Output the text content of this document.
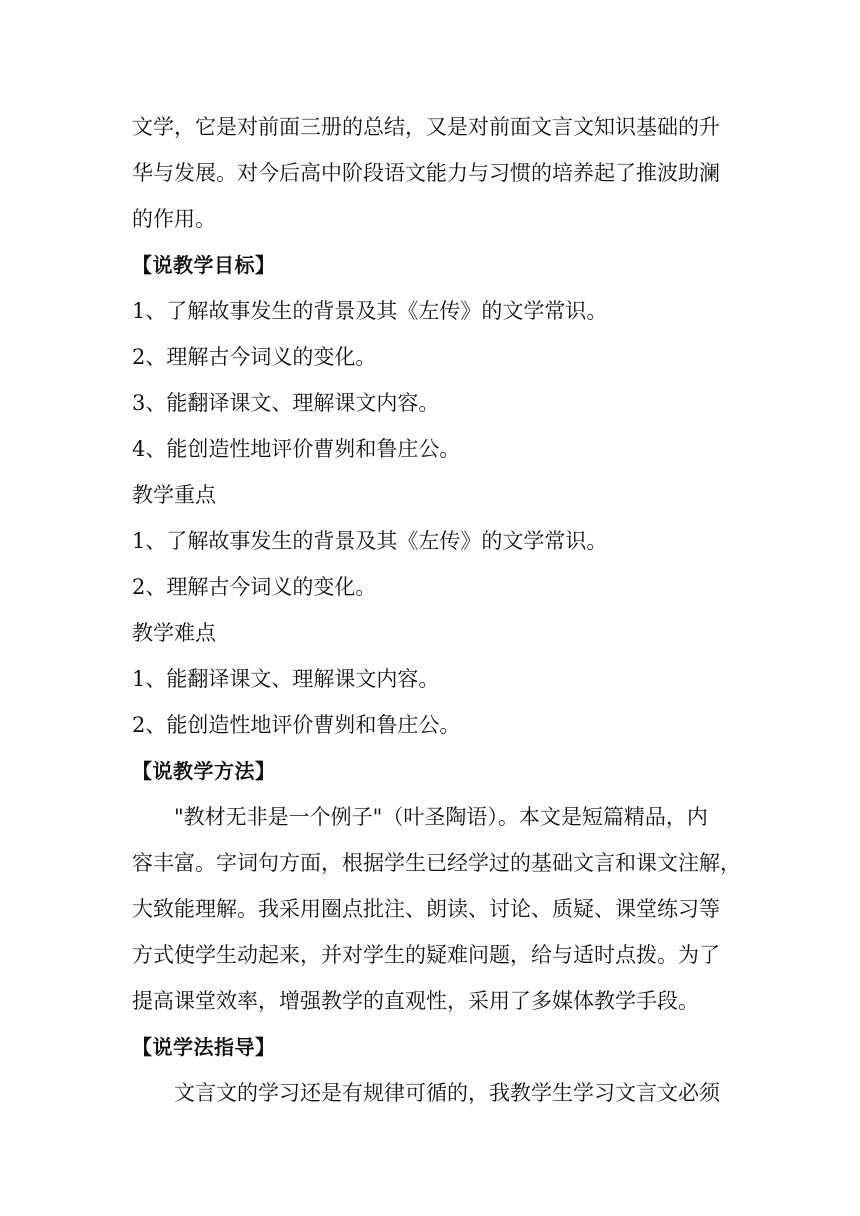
文学，它是对前面三册的总结，又是对前面文言文知识基础的升

华与发展。对今后高中阶段语文能力与习惯的培养起了推波助澜

的作用。

【说教学目标】

1、了解故事发生的背景及其《左传》的文学常识。

2、理解古今词义的变化。

3、能翻译课文、理解课文内容。

4、能创造性地评价曹刿和鲁庄公。

教学重点

1、了解故事发生的背景及其《左传》的文学常识。

2、理解古今词义的变化。

教学难点

1、能翻译课文、理解课文内容。

2、能创造性地评价曹刿和鲁庄公。

【说教学方法】

"教材无非是一个例子"（叶圣陶语）。本文是短篇精品，内

容丰富。字词句方面，根据学生已经学过的基础文言和课文注解，

大致能理解。我采用圈点批注、朗读、讨论、质疑、课堂练习等

方式使学生动起来，并对学生的疑难问题，给与适时点拨。为了

提高课堂效率，增强教学的直观性，采用了多媒体教学手段。

【说学法指导】

文言文的学习还是有规律可循的，我教学生学习文言文必须
